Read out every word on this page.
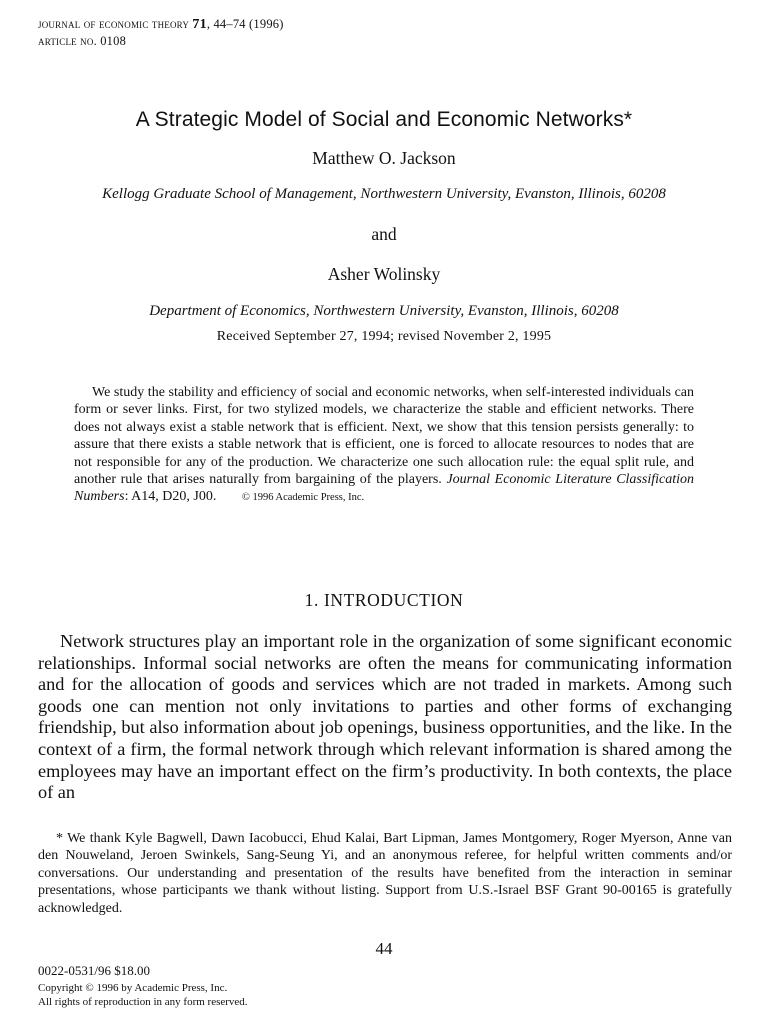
journal of economic theory 71, 44–74 (1996)
article no. 0108
A Strategic Model of Social and Economic Networks*
Matthew O. Jackson
Kellogg Graduate School of Management, Northwestern University, Evanston, Illinois, 60208
and
Asher Wolinsky
Department of Economics, Northwestern University, Evanston, Illinois, 60208
Received September 27, 1994; revised November 2, 1995

We study the stability and efficiency of social and economic networks, when self-interested individuals can form or sever links. First, for two stylized models, we characterize the stable and efficient networks. There does not always exist a stable network that is efficient. Next, we show that this tension persists generally: to assure that there exists a stable network that is efficient, one is forced to allocate resources to nodes that are not responsible for any of the production. We characterize one such allocation rule: the equal split rule, and another rule that arises naturally from bargaining of the players. Journal Economic Literature Classification Numbers: A14, D20, J00. © 1996 Academic Press, Inc.

1. INTRODUCTION

Network structures play an important role in the organization of some significant economic relationships. Informal social networks are often the means for communicating information and for the allocation of goods and services which are not traded in markets. Among such goods one can mention not only invitations to parties and other forms of exchanging friendship, but also information about job openings, business opportunities, and the like. In the context of a firm, the formal network through which relevant information is shared among the employees may have an important effect on the firm’s productivity. In both contexts, the place of an

* We thank Kyle Bagwell, Dawn Iacobucci, Ehud Kalai, Bart Lipman, James Montgomery, Roger Myerson, Anne van den Nouweland, Jeroen Swinkels, Sang-Seung Yi, and an anonymous referee, for helpful written comments and/or conversations. Our understanding and presentation of the results have benefited from the interaction in seminar presentations, whose participants we thank without listing. Support from U.S.-Israel BSF Grant 90-00165 is gratefully acknowledged.

44
0022-0531/96 $18.00
Copyright © 1996 by Academic Press, Inc.
All rights of reproduction in any form reserved.
